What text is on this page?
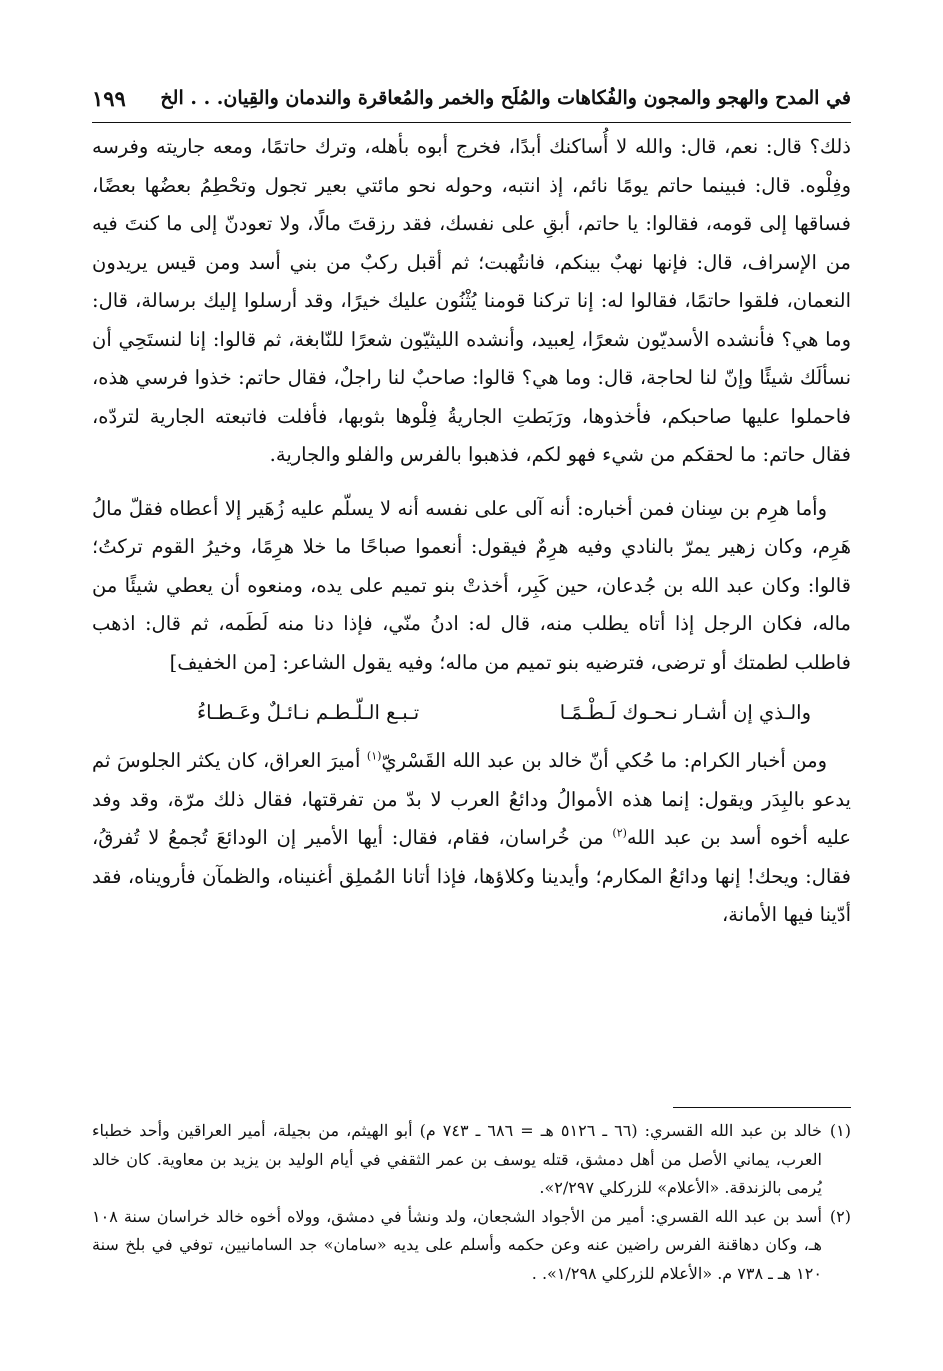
في المدح والهجو والمجون والفُكاهات والمُلَح والخمر والمُعاقرة والندمان والقِيان. . . الخ
١٩٩

ذلك؟ قال: نعم، قال: والله لا أُساكنك أبدًا، فخرج أبوه بأهله، وترك حاتمًا، ومعه جاريته وفرسه وفِلْوه. قال: فبينما حاتم يومًا نائم، إذ انتبه، وحوله نحو مائتي بعير تجول وتحْطِمُ بعضُها بعضًا، فساقها إلى قومه، فقالوا: يا حاتم، أبقِ على نفسك، فقد رزقتَ مالًا، ولا تعودنّ إلى ما كنتَ فيه من الإسراف، قال: فإنها نهبٌ بينكم، فانتُهبت؛ ثم أقبل ركبٌ من بني أسد ومن قيس يريدون النعمان، فلقوا حاتمًا، فقالوا له: إنا تركنا قومنا يُثْنُون عليك خيرًا، وقد أرسلوا إليك برسالة، قال: وما هي؟ فأنشده الأسديّون شعرًا، لِعبيد، وأنشده الليثيّون شعرًا للنّابغة، ثم قالوا: إنا لنستَحِي أن نسألَك شيئًا وإنّ لنا لحاجة، قال: وما هي؟ قالوا: صاحبٌ لنا راجلٌ، فقال حاتم: خذوا فرسي هذه، فاحملوا عليها صاحبكم، فأخذوها، ورَبَطتِ الجاريةُ فِلْوها بثوبها، فأفلت فاتبعته الجارية لتردّه، فقال حاتم: ما لحقكم من شيء فهو لكم، فذهبوا بالفرس والفلو والجارية.

وأما هرِم بن سِنان فمن أخباره: أنه آلى على نفسه أنه لا يسلّم عليه زُهَير إلا أعطاه فقلّ مالُ هَرِم، وكان زهير يمرّ بالنادي وفيه هرِمٌ فيقول: أنعموا صباحًا ما خلا هرِمًا، وخيرُ القوم تركتُ؛ قالوا: وكان عبد الله بن جُدعان، حين كَبِر، أخذتْ بنو تميم على يده، ومنعوه أن يعطي شيئًا من ماله، فكان الرجل إذا أتاه يطلب منه، قال له: ادنُ منّي، فإذا دنا منه لَطَمه، ثم قال: اذهب فاطلب لطمتك أو ترضى، فترضيه بنو تميم من ماله؛ وفيه يقول الشاعر: [من الخفيف]

والـذي إن أشـار نـحـوك لَـطْـمًـا
تـبـع الـلّـطـم نـائـلٌ وعَـطـاءُ

ومن أخبار الكرام: ما حُكي أنّ خالد بن عبد الله القَسْريّ$^{(١)}$ أميرَ العراق، كان يكثر الجلوسَ ثم يدعو بالبِدَر ويقول: إنما هذه الأموالُ ودائعُ العرب لا بدّ من تفرقتها، فقال ذلك مرّة، وقد وفد عليه أخوه أسد بن عبد الله$^{(٢)}$ من خُراسان، فقام، فقال: أيها الأمير إن الودائعَ تُجمعُ لا تُفرقُ، فقال: ويحك! إنها ودائعُ المكارم؛ وأيدينا وكلاؤها، فإذا أتانا المُملِق أغنيناه، والظمآن فأرويناه، فقد أدّينا فيها الأمانة،

(١)
خالد بن عبد الله القسري: (٦٦ ـ ٥١٢٦ هـ = ٦٨٦ ـ ٧٤٣ م) أبو الهيثم، من بجيلة، أمير العراقين وأحد خطباء العرب، يماني الأصل من أهل دمشق، قتله يوسف بن عمر الثقفي في أيام الوليد بن يزيد بن معاوية. كان خالد يُرمى بالزندقة. «الأعلام» للزركلي ٢/٢٩٧».
(٢)
أسد بن عبد الله القسري: أمير من الأجواد الشجعان، ولد ونشأ في دمشق، وولاه أخوه خالد خراسان سنة ١٠٨ هـ، وكان دهاقنة الفرس راضين عنه وعن حكمه وأسلم على يديه «سامان» جد السامانيين، توفي في بلخ سنة ١٢٠ هـ ـ ٧٣٨ م. «الأعلام للزركلي ١/٢٩٨». .
